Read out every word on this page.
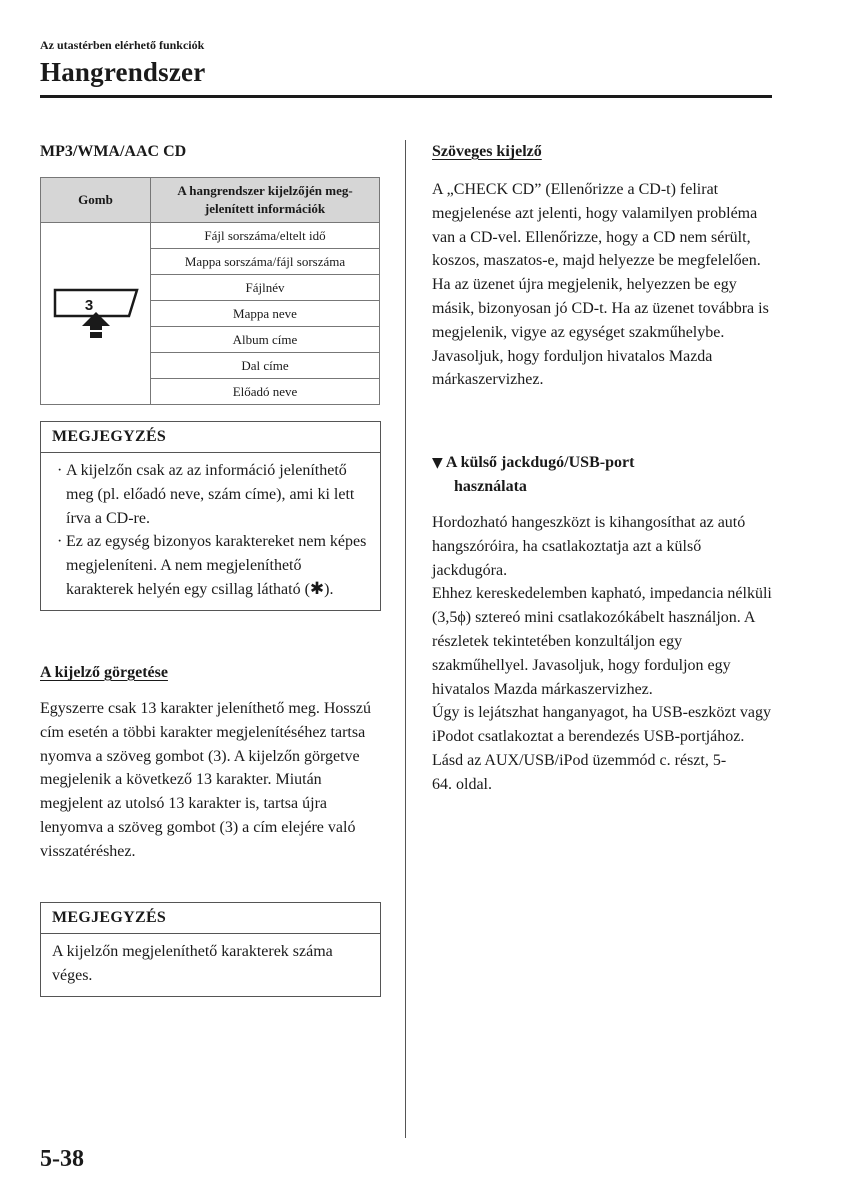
Az utastérben elérhető funkciók
Hangrendszer
MP3/WMA/AAC CD
Gomb	A hangrendszer kijelzőjén meg-jelenített információk

3	Fájl sorszáma/eltelt idő
	Mappa sorszáma/fájl sorszáma
	Fájlnév
	Mappa neve
	Album címe
	Dal címe
	Előadó neve
MEGJEGYZÉS
· A kijelzőn csak az az információ jeleníthető meg (pl. előadó neve, szám címe), ami ki lett írva a CD-re.
· Ez az egység bizonyos karaktereket nem képes megjeleníteni. A nem megjeleníthető karakterek helyén egy csillag látható (✱).
A kijelző görgetése
Egyszerre csak 13 karakter jeleníthető meg. Hosszú cím esetén a többi karakter megjelenítéséhez tartsa nyomva a szöveg gombot (3). A kijelzőn görgetve megjelenik a következő 13 karakter. Miután megjelent az utolsó 13 karakter is, tartsa újra lenyomva a szöveg gombot (3) a cím elejére való visszatéréshez.
MEGJEGYZÉS
A kijelzőn megjeleníthető karakterek száma véges.
Szöveges kijelző
A „CHECK CD” (Ellenőrizze a CD-t) felirat megjelenése azt jelenti, hogy valamilyen probléma van a CD-vel. Ellenőrizze, hogy a CD nem sérült, koszos, maszatos-e, majd helyezze be megfelelően. Ha az üzenet újra megjelenik, helyezzen be egy másik, bizonyosan jó CD-t. Ha az üzenet továbbra is megjelenik, vigye az egységet szakműhelybe. Javasoljuk, hogy forduljon hivatalos Mazda márkaszervizhez.
▼ A külső jackdugó/USB-port
használata
Hordozható hangeszközt is kihangosíthat az autó hangszóróira, ha csatlakoztatja azt a külső jackdugóra.
Ehhez kereskedelemben kapható, impedancia nélküli (3,5ϕ) sztereó mini csatlakozókábelt használjon. A részletek tekintetében konzultáljon egy szakműhellyel. Javasoljuk, hogy forduljon egy hivatalos Mazda márkaszervizhez.
Úgy is lejátszhat hanganyagot, ha USB-eszközt vagy iPodot csatlakoztat a berendezés USB-portjához.
Lásd az AUX/USB/iPod üzemmód c. részt, 5-64. oldal.
5-38
